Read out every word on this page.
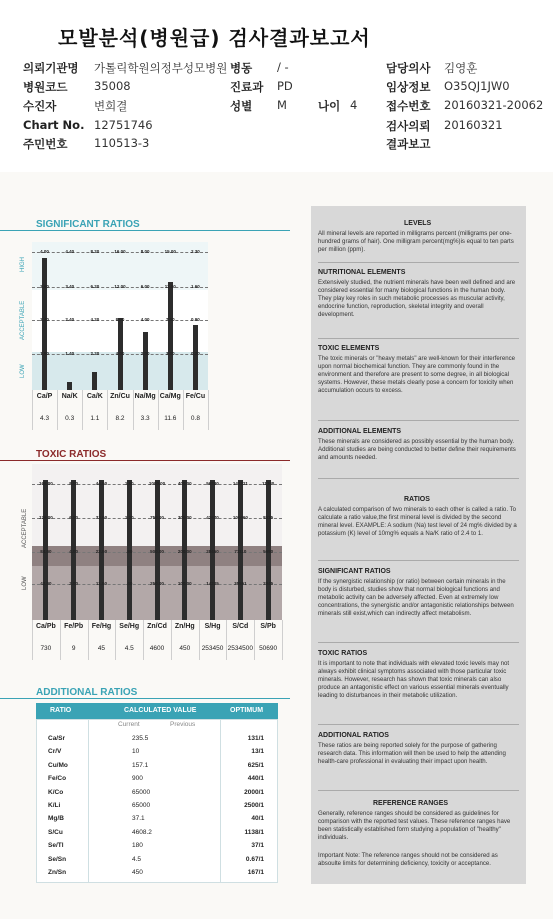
모발분석(병원급) 검사결과보고서
의뢰기관명 가톨릭학원의정부성모병원
병원코드 35008
수진자	변희결
Chart No. 12751746
주민번호 110513-3
병동 / -
진료과 PD
성별 M	나이 4
담당의사 김영훈
임상정보 O35QJ1JW0
접수번호 20160321-20062
검사의뢰 20160321
결과보고
SIGNIFICANT RATIOS
HIGH
ACCEPTABLE
LOW
4.00
2.60
2.40
1.60
Ca/P
4.3
4.40
3.40
2.40
1.40
Na/K
0.3
8.20
6.20
4.20
2.20
Ca/K
1.1
16.00
12.00
8.00
4.00
Zn/Cu
8.2
8.00
6.00
4.00
2.00
Na/Mg
3.3
15.00
11.00
7.00
3.00
Ca/Mg
11.6
2.30
1.60
0.90
0.20
Fe/Cu
0.8
TOXIC RATIOS
ACCEPTABLE
LOW
168.00
126.00
84.00
42.00
Ca/Pb
730
8.00
6.00
4.00
2.00
Fe/Pb
9
44.00
33.00
22.00
11.00
Fe/Hg
45
1.60
1.20
.80
.40
Se/Hg
4.5
1000.00
750.00
500.00
250.00
Zn/Cd
4600
400.00
300.00
200.00
100.00
Zn/Hg
450
56880
42670
28450
14225
S/Hg
253450
142221
106660
71110
35551
S/Cd
2534500
11380
8535
5690
2845
S/Pb
50690
ADDITIONAL RATIOS
RATIO	CALCULATED VALUE	OPTIMUM
Current	Previous
Ca/Sr	235.5	131/1
Cr/V	10	13/1
Cu/Mo	157.1	625/1
Fe/Co	900	440/1
K/Co	65000	2000/1
K/Li	65000	2500/1
Mg/B	37.1	40/1
S/Cu	4608.2	1138/1
Se/Tl	180	37/1
Se/Sn	4.5	0.67/1
Zn/Sn	450	167/1
LEVELS

All mineral levels are reported in milligrams percent (milligrams per one-hundred grams of hair). One milligram percent(mg%)is equal to ten parts per million (ppm).

NUTRITIONAL ELEMENTS

Extensively studied, the nutrient minerals have been well defined and are considered essential for many biological functions in the human body. They play key roles in such metabolic processes as muscular activity, endocrine function, reproduction, skeletal integrity and overall development.

TOXIC ELEMENTS

The toxic minerals or "heavy metals" are well-known for their interference upon normal biochemical function. They are commonly found in the environment and therefore are present to some degree, in all biological systems. However, these metals clearly pose a concern for toxicity when accumulation occurs to excess.

ADDITIONAL ELEMENTS

These minerals are considered as possibly essential by the human body. Additional studies are being conducted to better define their requirements and amounts needed.

RATIOS

A calculated comparison of two minerals to each other is called a ratio. To calculate a ratio value,the first mineral level is divided by the second mineral level. EXAMPLE: A sodium (Na) test level of 24 mg% divided by a potassium (K) level of 10mg% equals a Na/K ratio of 2.4 to 1.

SIGNIFICANT RATIOS

If the synergistic relationship (or ratio) between certain minerals in the body is disturbed, studies show that normal biological functions and metabolic activity can be adversely affected. Even at extremely low concentrations, the synergistic and/or antagonistic relationships between minerals still exist,which can indirectly affect metabolism.

TOXIC RATIOS

It is important to note that individuals with elevated toxic levels may not always exhibit clinical symptoms associated with those particular toxic minerals. However, research has shown that toxic minerals can also produce an antagonistic effect on various essential minerals eventually leading to disturbances in their metabolic utilization.

ADDITIONAL RATIOS

These ratios are being reported solely for the purpose of gathering research data. This information will then be used to help the attending health-care professional in evaluating their impact upon health.

REFERENCE RANGES

Generally, reference ranges should be considered as guidelines for comparison with the reported test values. These reference ranges have been statistically established form studying a population of "healthy" individuals.

Important Note: The reference ranges should not be considered as absoulte limits for determining deficiency, toxicity or acceptance.
